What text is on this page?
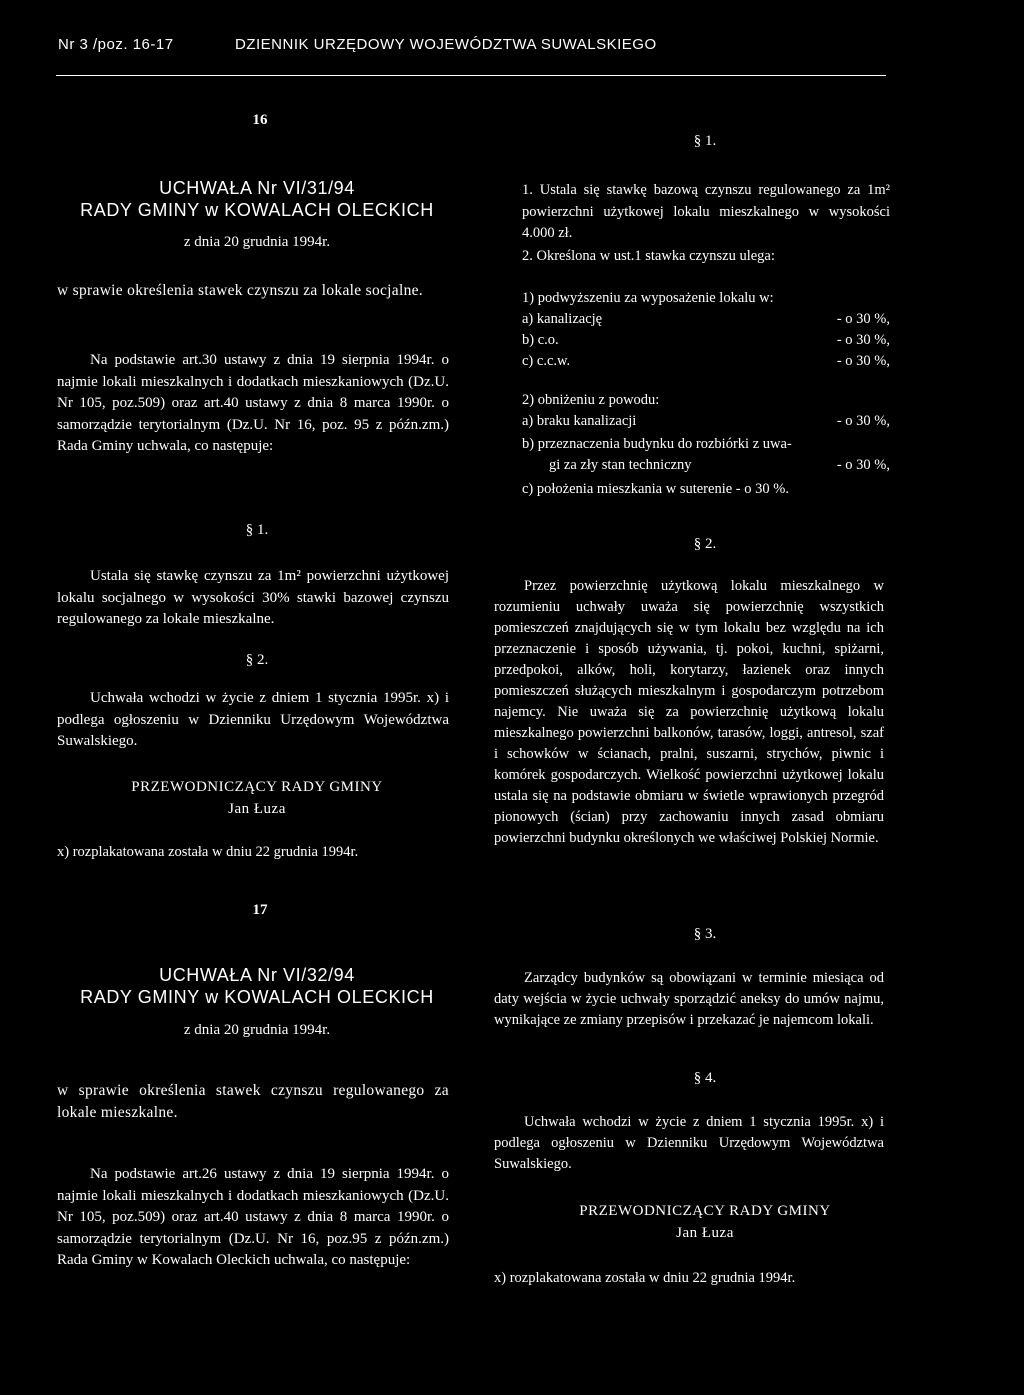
Nr 3 /poz. 16-17	DZIENNIK URZĘDOWY WOJEWÓDZTWA SUWALSKIEGO
16
UCHWAŁA Nr VI/31/94
RADY GMINY w KOWALACH OLECKICH
z dnia 20 grudnia 1994r.
w sprawie określenia stawek czynszu za lokale socjalne.
Na podstawie art.30 ustawy z dnia 19 sierpnia 1994r. o najmie lokali mieszkalnych i dodatkach mieszkaniowych (Dz.U. Nr 105, poz.509) oraz art.40 ustawy z dnia 8 marca 1990r. o samorządzie terytorialnym (Dz.U. Nr 16, poz. 95 z późn.zm.) Rada Gminy uchwala, co następuje:
§ 1.
Ustala się stawkę czynszu za 1m² powierzchni użytkowej lokalu socjalnego w wysokości 30% stawki bazowej czynszu regulowanego za lokale mieszkalne.
§ 2.
Uchwała wchodzi w życie z dniem 1 stycznia 1995r. x) i podlega ogłoszeniu w Dzienniku Urzędowym Województwa Suwalskiego.
PRZEWODNICZĄCY RADY GMINY
Jan Łuza
x) rozplakatowana została w dniu 22 grudnia 1994r.
17
UCHWAŁA Nr VI/32/94
RADY GMINY w KOWALACH OLECKICH
z dnia 20 grudnia 1994r.
w sprawie określenia stawek czynszu regulowanego za lokale mieszkalne.
Na podstawie art.26 ustawy z dnia 19 sierpnia 1994r. o najmie lokali mieszkalnych i dodatkach mieszkaniowych (Dz.U. Nr 105, poz.509) oraz art.40 ustawy z dnia 8 marca 1990r. o samorządzie terytorialnym (Dz.U. Nr 16, poz.95 z późn.zm.) Rada Gminy w Kowalach Oleckich uchwala, co następuje:
§ 1.
1. Ustala się stawkę bazową czynszu regulowanego za 1m² powierzchni użytkowej lokalu mieszkalnego w wysokości 4.000 zł.
2. Określona w ust.1 stawka czynszu ulega:
1) podwyższeniu za wyposażenie lokalu w:
a) kanalizację	- o 30 %,
b) c.o.	- o 30 %,
c) c.c.w.	- o 30 %,
2) obniżeniu z powodu:
a) braku kanalizacji	- o 30 %,
b) przeznaczenia budynku do rozbiórki z uwa-
gi za zły stan techniczny	- o 30 %,
c) położenia mieszkania w suterenie - o 30 %.
§ 2.
Przez powierzchnię użytkową lokalu mieszkalnego w rozumieniu uchwały uważa się powierzchnię wszystkich pomieszczeń znajdujących się w tym lokalu bez względu na ich przeznaczenie i sposób używania, tj. pokoi, kuchni, spiżarni, przedpokoi, alków, holi, korytarzy, łazienek oraz innych pomieszczeń służących mieszkalnym i gospodarczym potrzebom najemcy. Nie uważa się za powierzchnię użytkową lokalu mieszkalnego powierzchni balkonów, tarasów, loggi, antresol, szaf i schowków w ścianach, pralni, suszarni, strychów, piwnic i komórek gospodarczych. Wielkość powierzchni użytkowej lokalu ustala się na podstawie obmiaru w świetle wprawionych przegród pionowych (ścian) przy zachowaniu innych zasad obmiaru powierzchni budynku określonych we właściwej Polskiej Normie.
§ 3.
Zarządcy budynków są obowiązani w terminie miesiąca od daty wejścia w życie uchwały sporządzić aneksy do umów najmu, wynikające ze zmiany przepisów i przekazać je najemcom lokali.
§ 4.
Uchwała wchodzi w życie z dniem 1 stycznia 1995r. x) i podlega ogłoszeniu w Dzienniku Urzędowym Województwa Suwalskiego.
PRZEWODNICZĄCY RADY GMINY
Jan Łuza
x) rozplakatowana została w dniu 22 grudnia 1994r.
